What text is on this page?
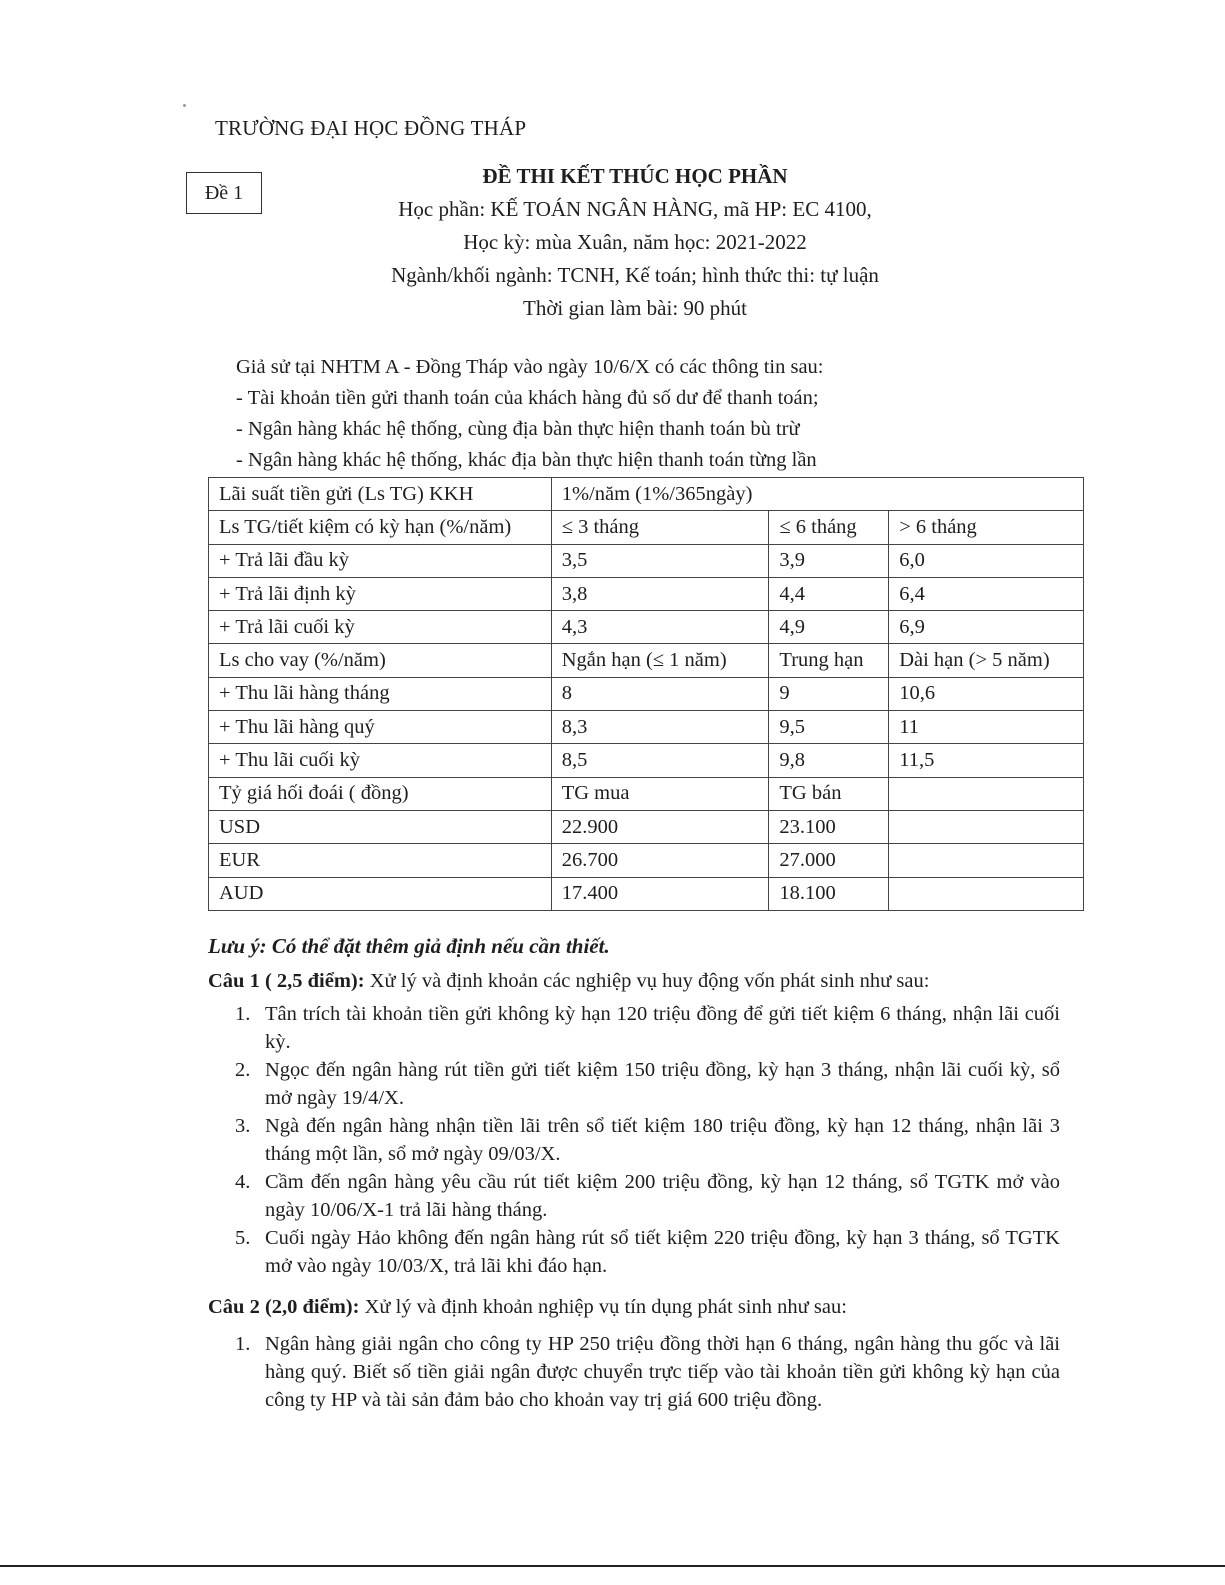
TRƯỜNG ĐẠI HỌC ĐỒNG THÁP
Đề 1
ĐỀ THI KẾT THÚC HỌC PHẦN
Học phần: KẾ TOÁN NGÂN HÀNG, mã HP: EC 4100,
Học kỳ: mùa Xuân, năm học: 2021-2022
Ngành/khối ngành: TCNH, Kế toán; hình thức thi: tự luận
Thời gian làm bài: 90 phút
Giả sử tại NHTM A - Đồng Tháp vào ngày 10/6/X có các thông tin sau:
- Tài khoản tiền gửi thanh toán của khách hàng đủ số dư để thanh toán;
- Ngân hàng khác hệ thống, cùng địa bàn thực hiện thanh toán bù trừ
- Ngân hàng khác hệ thống, khác địa bàn thực hiện thanh toán từng lần
Lãi suất tiền gửi (Ls TG) KKH	1%/năm (1%/365ngày)		
Ls TG/tiết kiệm có kỳ hạn (%/năm)	≤ 3 tháng	≤ 6 tháng	> 6 tháng
+ Trả lãi đầu kỳ	3,5	3,9	6,0
+ Trả lãi định kỳ	3,8	4,4	6,4
+ Trả lãi cuối kỳ	4,3	4,9	6,9
Ls cho vay (%/năm)	Ngắn hạn (≤ 1 năm)	Trung hạn	Dài hạn (> 5 năm)
+ Thu lãi hàng tháng	8	9	10,6
+ Thu lãi hàng quý	8,3	9,5	11
+ Thu lãi cuối kỳ	8,5	9,8	11,5
Tỷ giá hối đoái ( đồng)	TG mua	TG bán	
USD	22.900	23.100	
EUR	26.700	27.000	
AUD	17.400	18.100	
Lưu ý: Có thể đặt thêm giả định nếu cần thiết.
Câu 1 ( 2,5 điểm): Xử lý và định khoản các nghiệp vụ huy động vốn phát sinh như sau:
1. Tân trích tài khoản tiền gửi không kỳ hạn 120 triệu đồng để gửi tiết kiệm 6 tháng, nhận lãi cuối kỳ.
2. Ngọc đến ngân hàng rút tiền gửi tiết kiệm 150 triệu đồng, kỳ hạn 3 tháng, nhận lãi cuối kỳ, sổ mở ngày 19/4/X.
3. Ngà đến ngân hàng nhận tiền lãi trên sổ tiết kiệm 180 triệu đồng, kỳ hạn 12 tháng, nhận lãi 3 tháng một lần, sổ mở ngày 09/03/X.
4. Cầm đến ngân hàng yêu cầu rút tiết kiệm 200 triệu đồng, kỳ hạn 12 tháng, sổ TGTK mở vào ngày 10/06/X-1 trả lãi hàng tháng.
5. Cuối ngày Hảo không đến ngân hàng rút sổ tiết kiệm 220 triệu đồng, kỳ hạn 3 tháng, sổ TGTK mở vào ngày 10/03/X, trả lãi khi đáo hạn.
Câu 2 (2,0 điểm): Xử lý và định khoản nghiệp vụ tín dụng phát sinh như sau:
1. Ngân hàng giải ngân cho công ty HP 250 triệu đồng thời hạn 6 tháng, ngân hàng thu gốc và lãi hàng quý. Biết số tiền giải ngân được chuyển trực tiếp vào tài khoản tiền gửi không kỳ hạn của công ty HP và tài sản đảm bảo cho khoản vay trị giá 600 triệu đồng.
